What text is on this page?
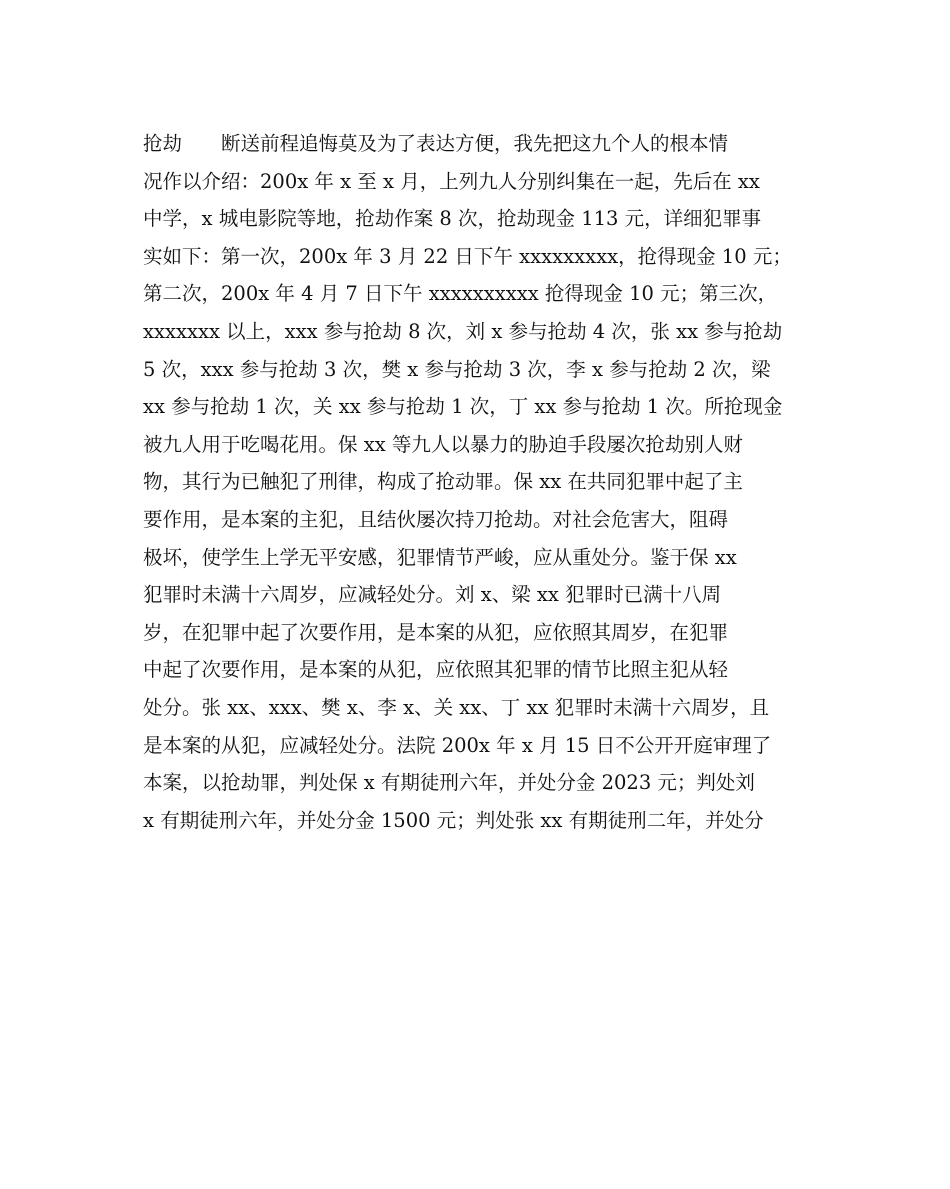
抢劫　　断送前程追悔莫及为了表达方便，我先把这九个人的根本情
况作以介绍：200x 年 x 至 x 月，上列九人分别纠集在一起，先后在 xx
中学，x 城电影院等地，抢劫作案 8 次，抢劫现金 113 元，详细犯罪事
实如下：第一次，200x 年 3 月 22 日下午 xxxxxxxxx，抢得现金 10 元；
第二次，200x 年 4 月 7 日下午 xxxxxxxxxx 抢得现金 10 元；第三次，
xxxxxxx 以上，xxx 参与抢劫 8 次，刘 x 参与抢劫 4 次，张 xx 参与抢劫
5 次，xxx 参与抢劫 3 次，樊 x 参与抢劫 3 次，李 x 参与抢劫 2 次，梁
xx 参与抢劫 1 次，关 xx 参与抢劫 1 次，丁 xx 参与抢劫 1 次。所抢现金
被九人用于吃喝花用。保 xx 等九人以暴力的胁迫手段屡次抢劫别人财
物，其行为已触犯了刑律，构成了抢动罪。保 xx 在共同犯罪中起了主
要作用，是本案的主犯，且结伙屡次持刀抢劫。对社会危害大，阻碍
极坏，使学生上学无平安感，犯罪情节严峻，应从重处分。鉴于保 xx
犯罪时未满十六周岁，应减轻处分。刘 x、梁 xx 犯罪时已满十八周
岁，在犯罪中起了次要作用，是本案的从犯，应依照其周岁，在犯罪
中起了次要作用，是本案的从犯，应依照其犯罪的情节比照主犯从轻
处分。张 xx、xxx、樊 x、李 x、关 xx、丁 xx 犯罪时未满十六周岁，且
是本案的从犯，应减轻处分。法院 200x 年 x 月 15 日不公开开庭审理了
本案，以抢劫罪，判处保 x 有期徒刑六年，并处分金 2023 元；判处刘
x 有期徒刑六年，并处分金 1500 元；判处张 xx 有期徒刑二年，并处分
